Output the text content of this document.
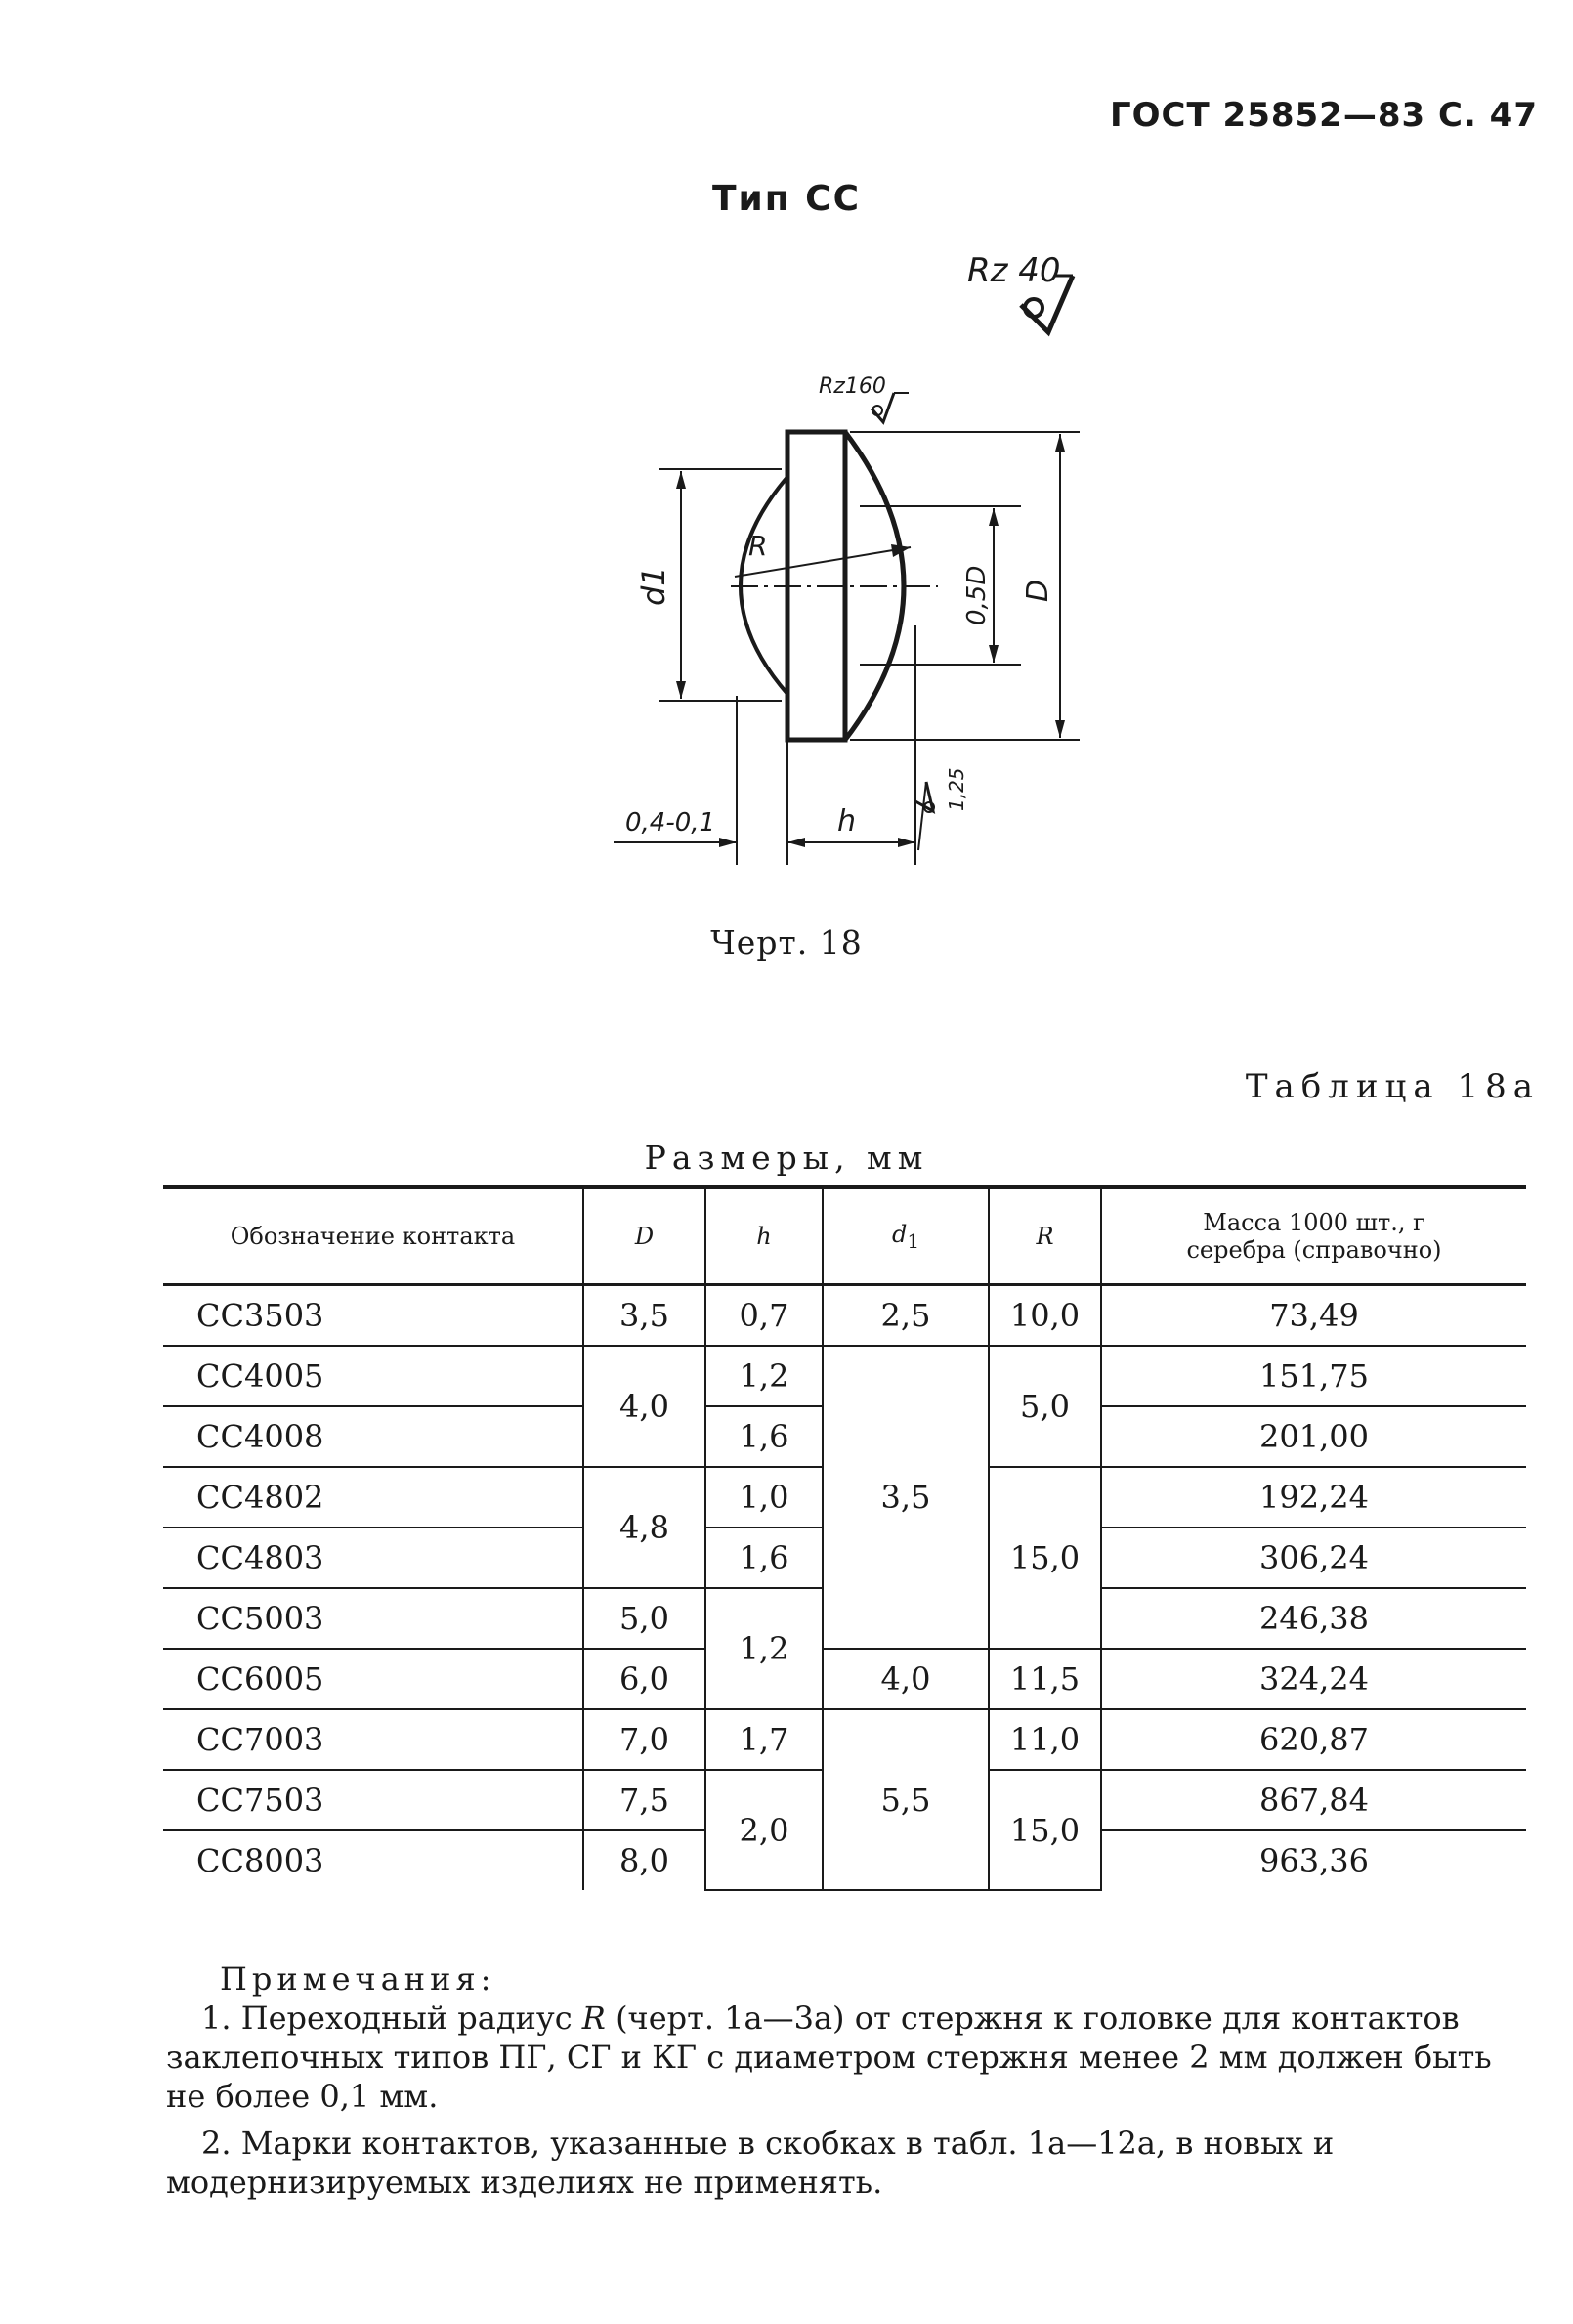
ГОСТ 25852—83 С. 47
Тип СС
Rz 40
Rz160
R
d1	0,5D D
0,4-0,1	h
1,25
Черт. 18
Таблица 18а
Размеры, мм
Обозначение контакта	D	h	$d_1$	R	Масса 1000 шт., г
серебра (справочно)

СС3503	3,5	0,7	2,5	10,0	73,49
СС4005	4,0	1,2	3,5	5,0	151,75
СС4008		1,6			201,00
СС4802	4,8	1,0		15,0	192,24
СС4803		1,6			306,24
СС5003	5,0	1,2			246,38
СС6005	6,0		4,0	11,5	324,24
СС7003	7,0	1,7	5,5	11,0	620,87
СС7503	7,5	2,0		15,0	867,84
СС8003	8,0				963,36
Примечания:

1. Переходный радиус R (черт. 1а—3а) от стержня к головке для контактов заклепочных типов ПГ, СГ и КГ с диаметром стержня менее 2 мм должен быть не более 0,1 мм.

2. Марки контактов, указанные в скобках в табл. 1а—12а, в новых и модернизируемых изделиях не применять.
